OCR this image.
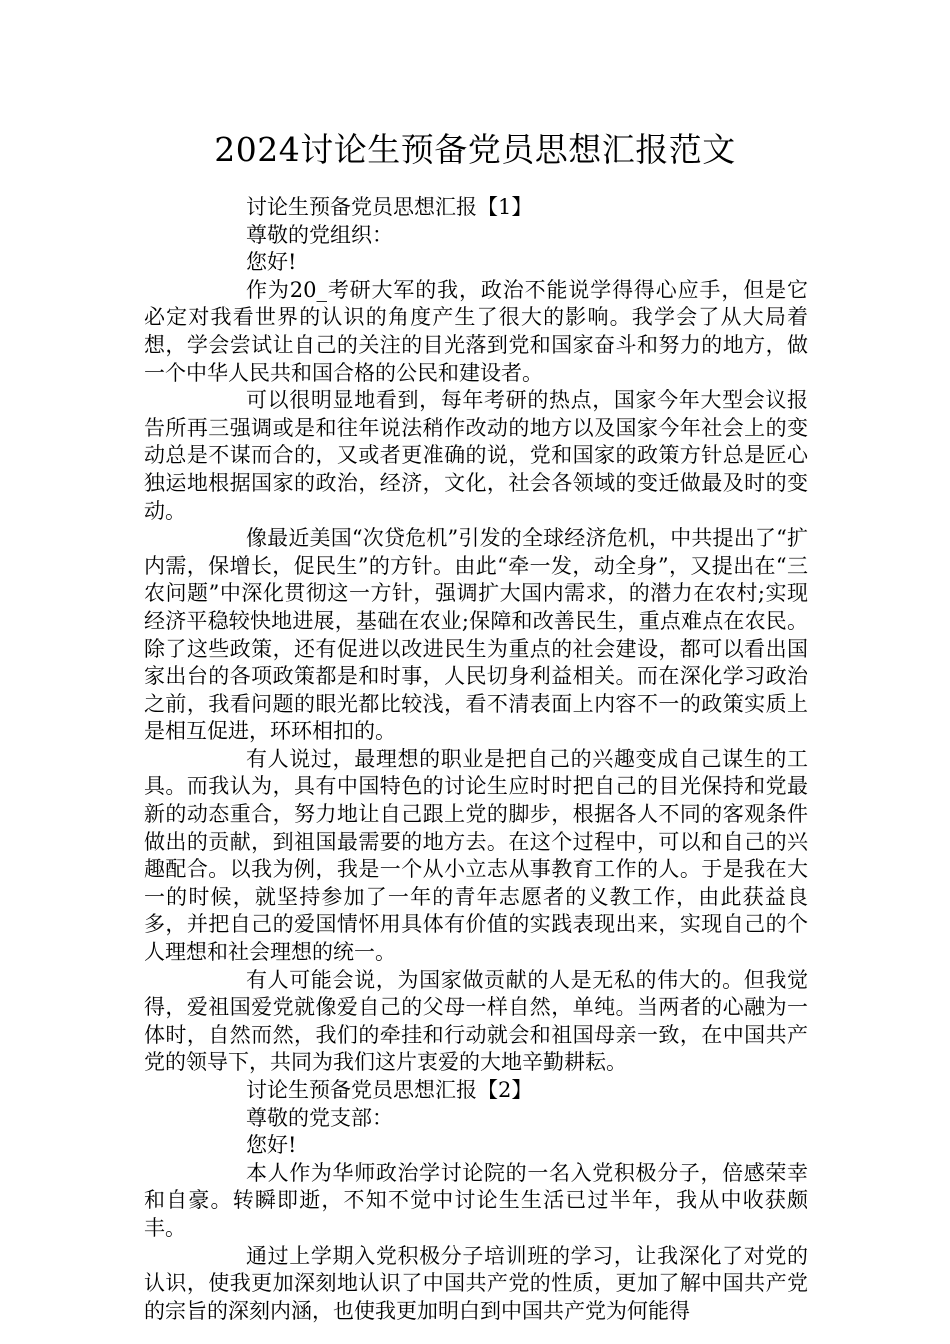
2024讨论生预备党员思想汇报范文

讨论生预备党员思想汇报【1】

尊敬的党组织：

您好!

作为20_考研大军的我，政治不能说学得得心应手，但是它必定对我看世界的认识的角度产生了很大的影响。我学会了从大局着想，学会尝试让自己的关注的目光落到党和国家奋斗和努力的地方，做一个中华人民共和国合格的公民和建设者。

可以很明显地看到，每年考研的热点，国家今年大型会议报告所再三强调或是和往年说法稍作改动的地方以及国家今年社会上的变动总是不谋而合的，又或者更准确的说，党和国家的政策方针总是匠心独运地根据国家的政治，经济，文化，社会各领域的变迁做最及时的变动。

像最近美国“次贷危机”引发的全球经济危机，中共提出了“扩内需，保增长，促民生”的方针。由此“牵一发，动全身”，又提出在“三农问题”中深化贯彻这一方针，强调扩大国内需求，的潜力在农村;实现经济平稳较快地进展，基础在农业;保障和改善民生，重点难点在农民。除了这些政策，还有促进以改进民生为重点的社会建设，都可以看出国家出台的各项政策都是和时事，人民切身利益相关。而在深化学习政治之前，我看问题的眼光都比较浅，看不清表面上内容不一的政策实质上是相互促进，环环相扣的。

有人说过，最理想的职业是把自己的兴趣变成自己谋生的工具。而我认为，具有中国特色的讨论生应时时把自己的目光保持和党最新的动态重合，努力地让自己跟上党的脚步，根据各人不同的客观条件做出的贡献，到祖国最需要的地方去。在这个过程中，可以和自己的兴趣配合。以我为例，我是一个从小立志从事教育工作的人。于是我在大一的时候，就坚持参加了一年的青年志愿者的义教工作，由此获益良多，并把自己的爱国情怀用具体有价值的实践表现出来，实现自己的个人理想和社会理想的统一。

有人可能会说，为国家做贡献的人是无私的伟大的。但我觉得，爱祖国爱党就像爱自己的父母一样自然，单纯。当两者的心融为一体时，自然而然，我们的牵挂和行动就会和祖国母亲一致，在中国共产党的领导下，共同为我们这片衷爱的大地辛勤耕耘。

讨论生预备党员思想汇报【2】

尊敬的党支部：

您好!

本人作为华师政治学讨论院的一名入党积极分子，倍感荣幸和自豪。转瞬即逝，不知不觉中讨论生生活已过半年，我从中收获颇丰。

通过上学期入党积极分子培训班的学习，让我深化了对党的认识，使我更加深刻地认识了中国共产党的性质，更加了解中国共产党的宗旨的深刻内涵，也使我更加明白到中国共产党为何能得
